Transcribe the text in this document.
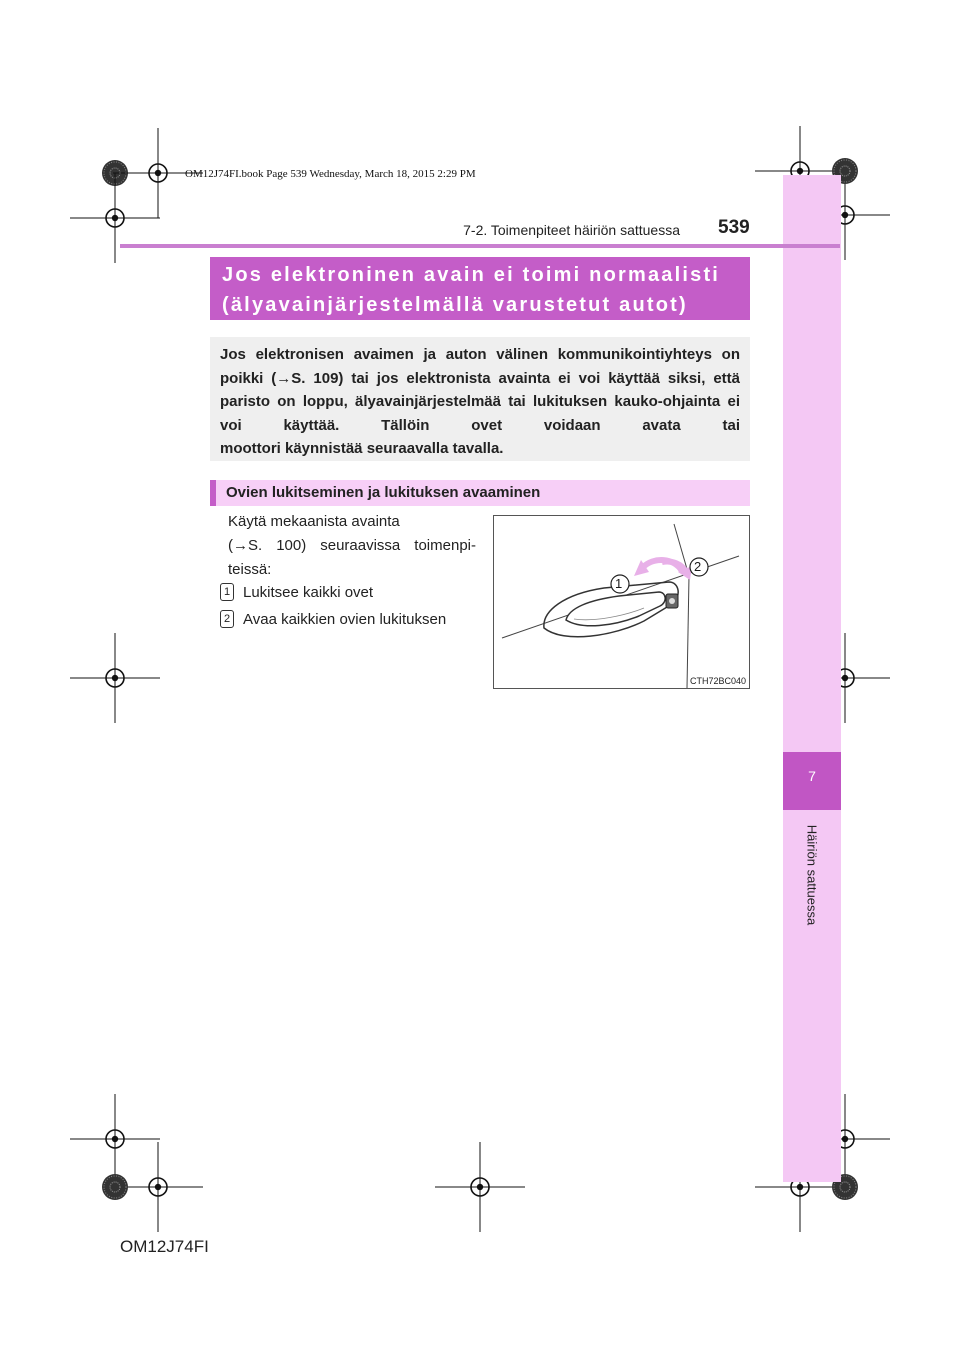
7
Häiriön sattuessa
OM12J74FI.book Page 539 Wednesday, March 18, 2015 2:29 PM
7-2. Toimenpiteet häiriön sattuessa 539
Jos elektroninen avain ei toimi normaalisti
(älyavainjärjestelmällä varustetut autot)
Jos elektronisen avaimen ja auton välinen kommunikointiyhteys on poikki (→S. 109) tai jos elektronista avainta ei voi käyttää siksi, että paristo on loppu, älyavainjärjestelmää tai lukituksen kauko-ohjainta ei voi käyttää. Tällöin ovet voidaan avata tai
moottori käynnistää seuraavalla tavalla.
Ovien lukitseminen ja lukituksen avaaminen
Käytä mekaanista avainta
(→S. 100) seuraavissa toimenpi-
teissä:
1 Lukitsee kaikki ovet
2 Avaa kaikkien ovien lukituksen
1
2
CTH72BC040
OM12J74FI
